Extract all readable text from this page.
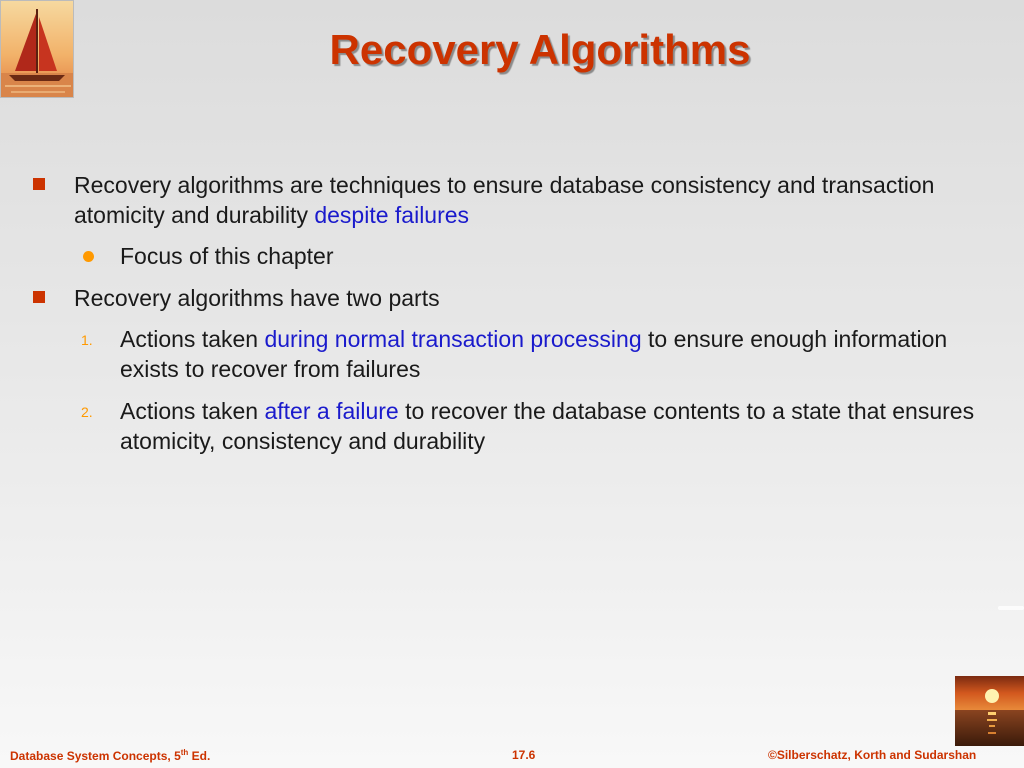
Recovery Algorithms
Recovery algorithms are techniques to ensure database consistency and transaction atomicity and durability despite failures
Focus of this chapter
Recovery algorithms have two parts
1. Actions taken during normal transaction processing to ensure enough information exists to recover from failures
2. Actions taken after a failure to recover the database contents to a state that ensures atomicity, consistency and durability
Database System Concepts, 5th Ed.	17.6	©Silberschatz, Korth and Sudarshan
